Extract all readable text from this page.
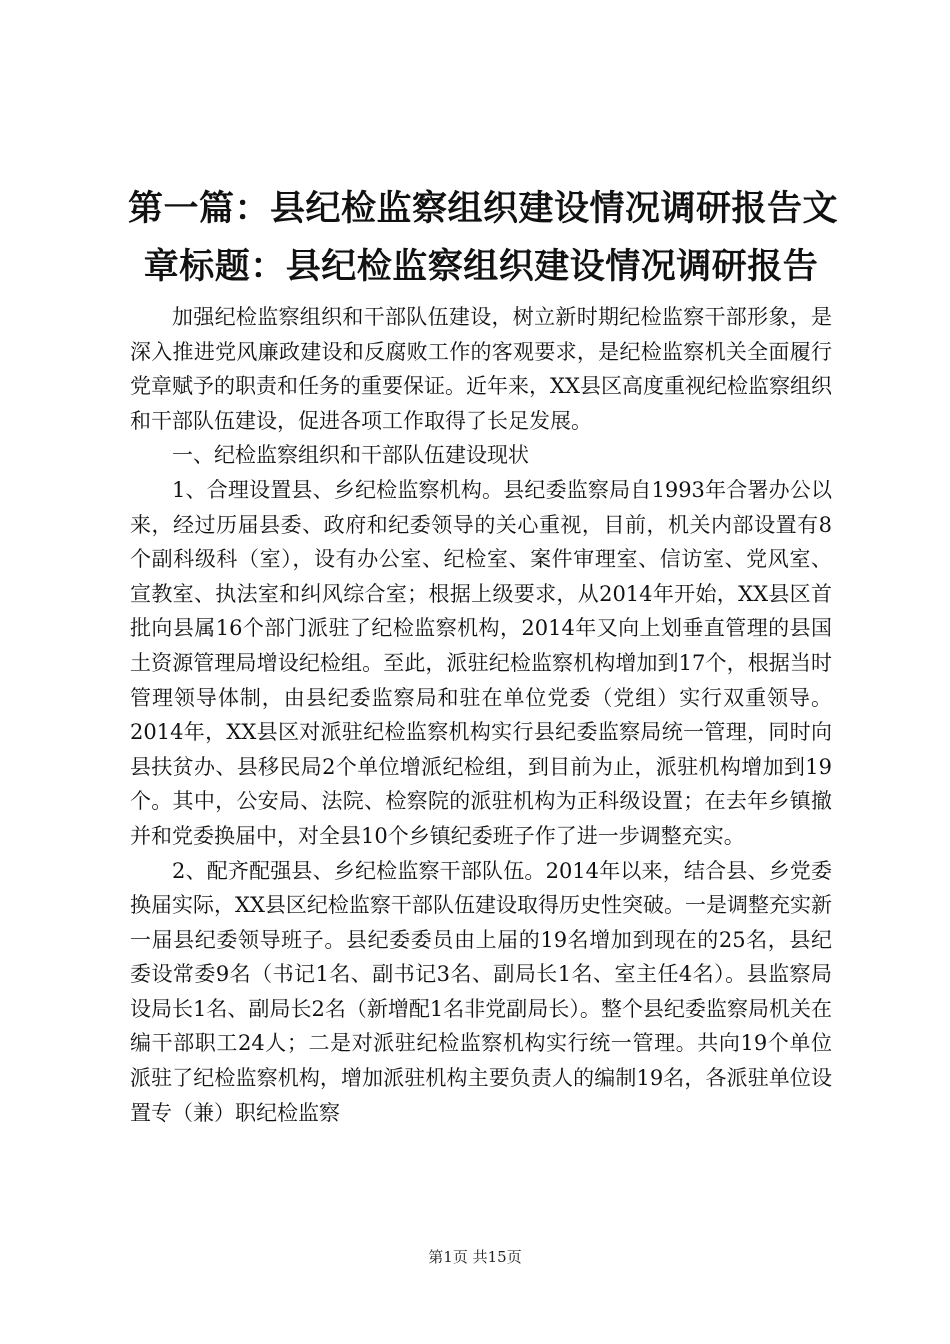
第一篇：县纪检监察组织建设情况调研报告文
章标题：县纪检监察组织建设情况调研报告

加强纪检监察组织和干部队伍建设，树立新时期纪检监察干部形象，是深入推进党风廉政建设和反腐败工作的客观要求，是纪检监察机关全面履行党章赋予的职责和任务的重要保证。近年来，XX县区高度重视纪检监察组织和干部队伍建设，促进各项工作取得了长足发展。

一、纪检监察组织和干部队伍建设现状

1、合理设置县、乡纪检监察机构。县纪委监察局自1993年合署办公以来，经过历届县委、政府和纪委领导的关心重视，目前，机关内部设置有8个副科级科（室），设有办公室、纪检室、案件审理室、信访室、党风室、宣教室、执法室和纠风综合室；根据上级要求，从2014年开始，XX县区首批向县属16个部门派驻了纪检监察机构，2014年又向上划垂直管理的县国土资源管理局增设纪检组。至此，派驻纪检监察机构增加到17个，根据当时管理领导体制，由县纪委监察局和驻在单位党委（党组）实行双重领导。2014年，XX县区对派驻纪检监察机构实行县纪委监察局统一管理，同时向县扶贫办、县移民局2个单位增派纪检组，到目前为止，派驻机构增加到19个。其中，公安局、法院、检察院的派驻机构为正科级设置；在去年乡镇撤并和党委换届中，对全县10个乡镇纪委班子作了进一步调整充实。

2、配齐配强县、乡纪检监察干部队伍。2014年以来，结合县、乡党委换届实际，XX县区纪检监察干部队伍建设取得历史性突破。一是调整充实新一届县纪委领导班子。县纪委委员由上届的19名增加到现在的25名，县纪委设常委9名（书记1名、副书记3名、副局长1名、室主任4名）。县监察局设局长1名、副局长2名（新增配1名非党副局长）。整个县纪委监察局机关在编干部职工24人；二是对派驻纪检监察机构实行统一管理。共向19个单位派驻了纪检监察机构，增加派驻机构主要负责人的编制19名，各派驻单位设置专（兼）职纪检监察

第1页 共15页
